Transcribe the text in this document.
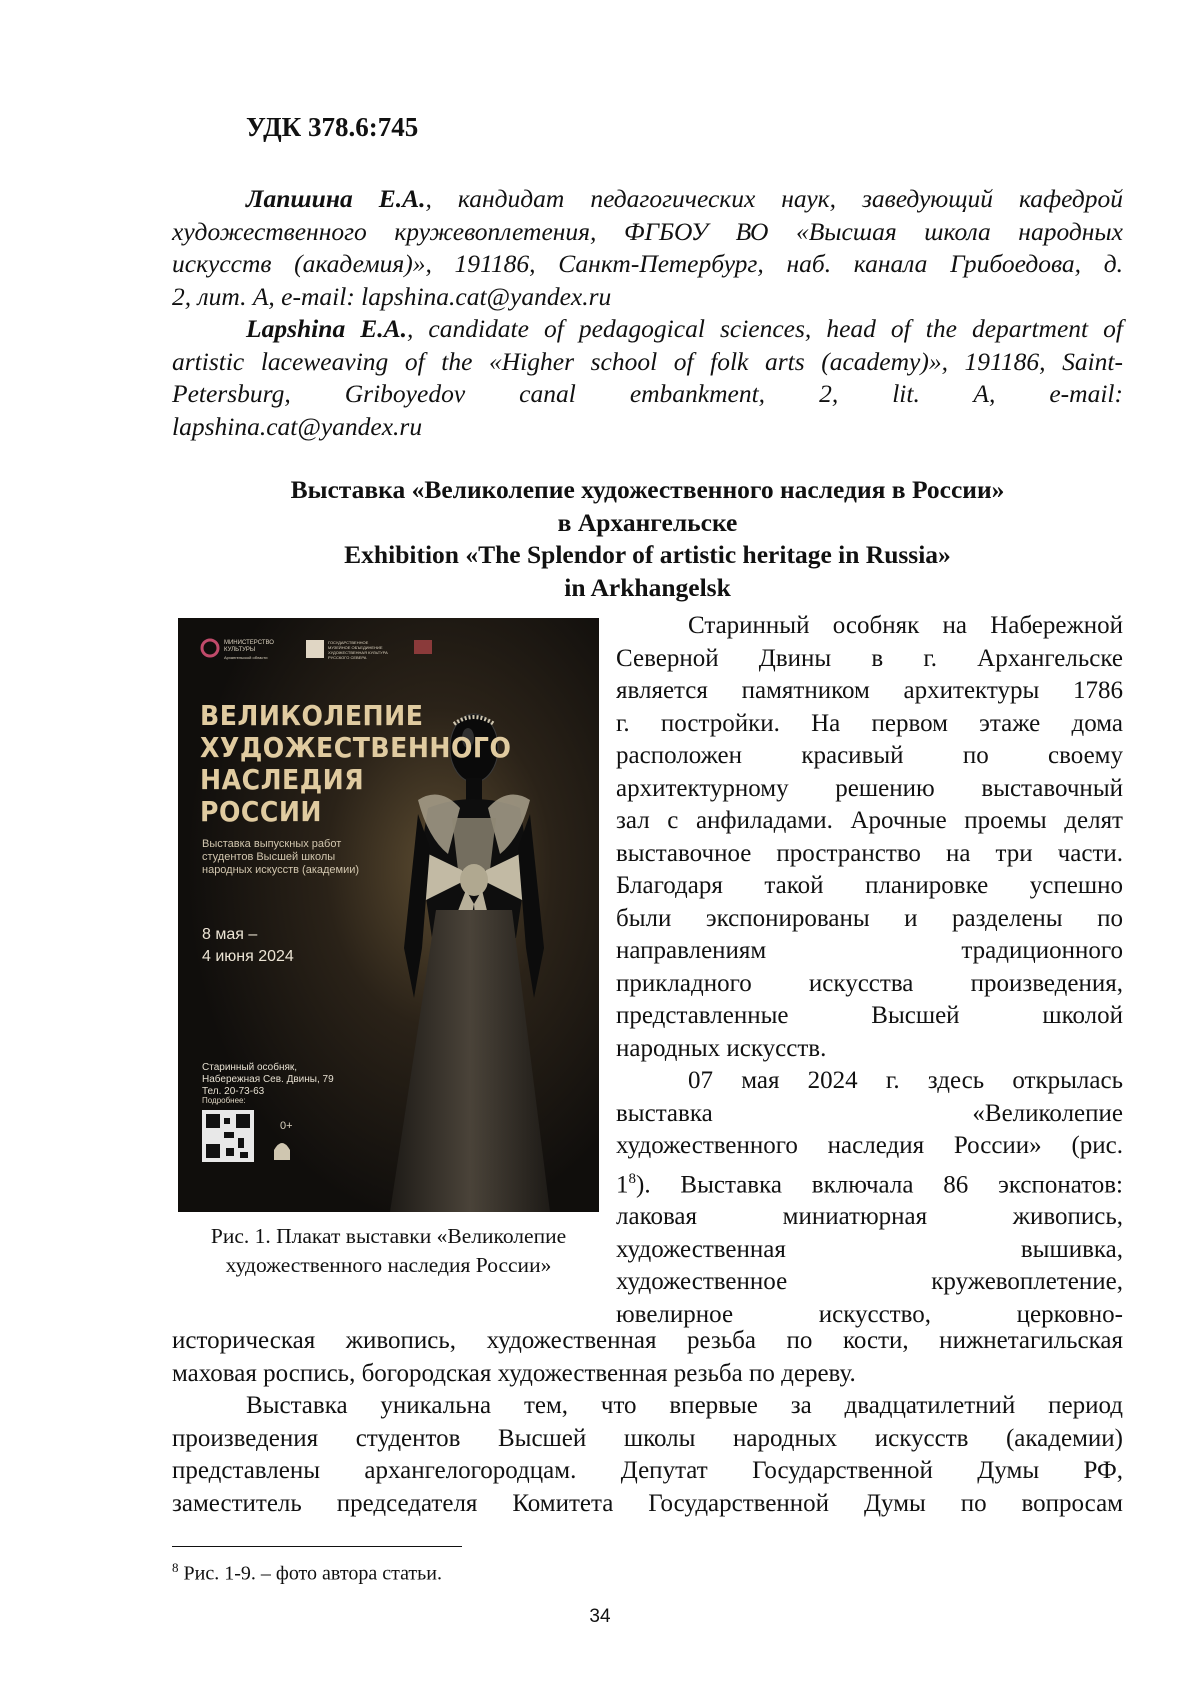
УДК 378.6:745
Лапшина Е.А., кандидат педагогических наук, заведующий кафедрой
художественного кружевоплетения, ФГБОУ ВО «Высшая школа народных
искусств (академия)», 191186, Санкт-Петербург, наб. канала Грибоедова, д.
2, лит. А, e-mail: lapshina.cat@yandex.ru
Lapshina E.A., candidate of pedagogical sciences, head of the department of
artistic laceweaving of the «Higher school of folk arts (academy)», 191186, Saint-
Petersburg, Griboyedov canal embankment, 2, lit. A, e-mail:
lapshina.cat@yandex.ru
Выставка «Великолепие художественного наследия в России»
в Архангельске
Exhibition «The Splendor of artistic heritage in Russia»
in Arkhangelsk
МИНИСТЕРСТВО
КУЛЬТУРЫ
Архангельской области
ГОСУДАРСТВЕННОЕ
МУЗЕЙНОЕ ОБЪЕДИНЕНИЕ
ХУДОЖЕСТВЕННАЯ КУЛЬТУРА
РУССКОГО СЕВЕРА
ВЕЛИКОЛЕПИЕ
ХУДОЖЕСТВЕННОГО
НАСЛЕДИЯ
РОССИИ
Выставка выпускных работ
студентов Высшей школы
народных искусств (академии)
8 мая –
4 июня 2024
Старинный особняк,
Набережная Сев. Двины, 79
Тел. 20-73-63
Подробнее:
0+
Рис. 1. Плакат выставки «Великолепие
художественного наследия России»
Старинный особняк на Набережной
Северной Двины в г. Архангельске
является памятником архитектуры 1786
г. постройки. На первом этаже дома
расположен красивый по своему
архитектурному решению выставочный
зал с анфиладами. Арочные проемы делят
выставочное пространство на три части.
Благодаря такой планировке успешно
были экспонированы и разделены по
направлениям традиционного
прикладного искусства произведения,
представленные Высшей школой
народных искусств.
07 мая 2024 г. здесь открылась
выставка «Великолепие
художественного наследия России» (рис.
$1^8$). Выставка включала 86 экспонатов:
лаковая миниатюрная живопись,
художественная вышивка,
художественное кружевоплетение,
ювелирное искусство, церковно-
историческая живопись, художественная резьба по кости, нижнетагильская
маховая роспись, богородская художественная резьба по дереву.
Выставка уникальна тем, что впервые за двадцатилетний период
произведения студентов Высшей школы народных искусств (академии)
представлены архангелогородцам. Депутат Государственной Думы РФ,
заместитель председателя Комитета Государственной Думы по вопросам
$^8$ Рис. 1-9. – фото автора статьи.
34
